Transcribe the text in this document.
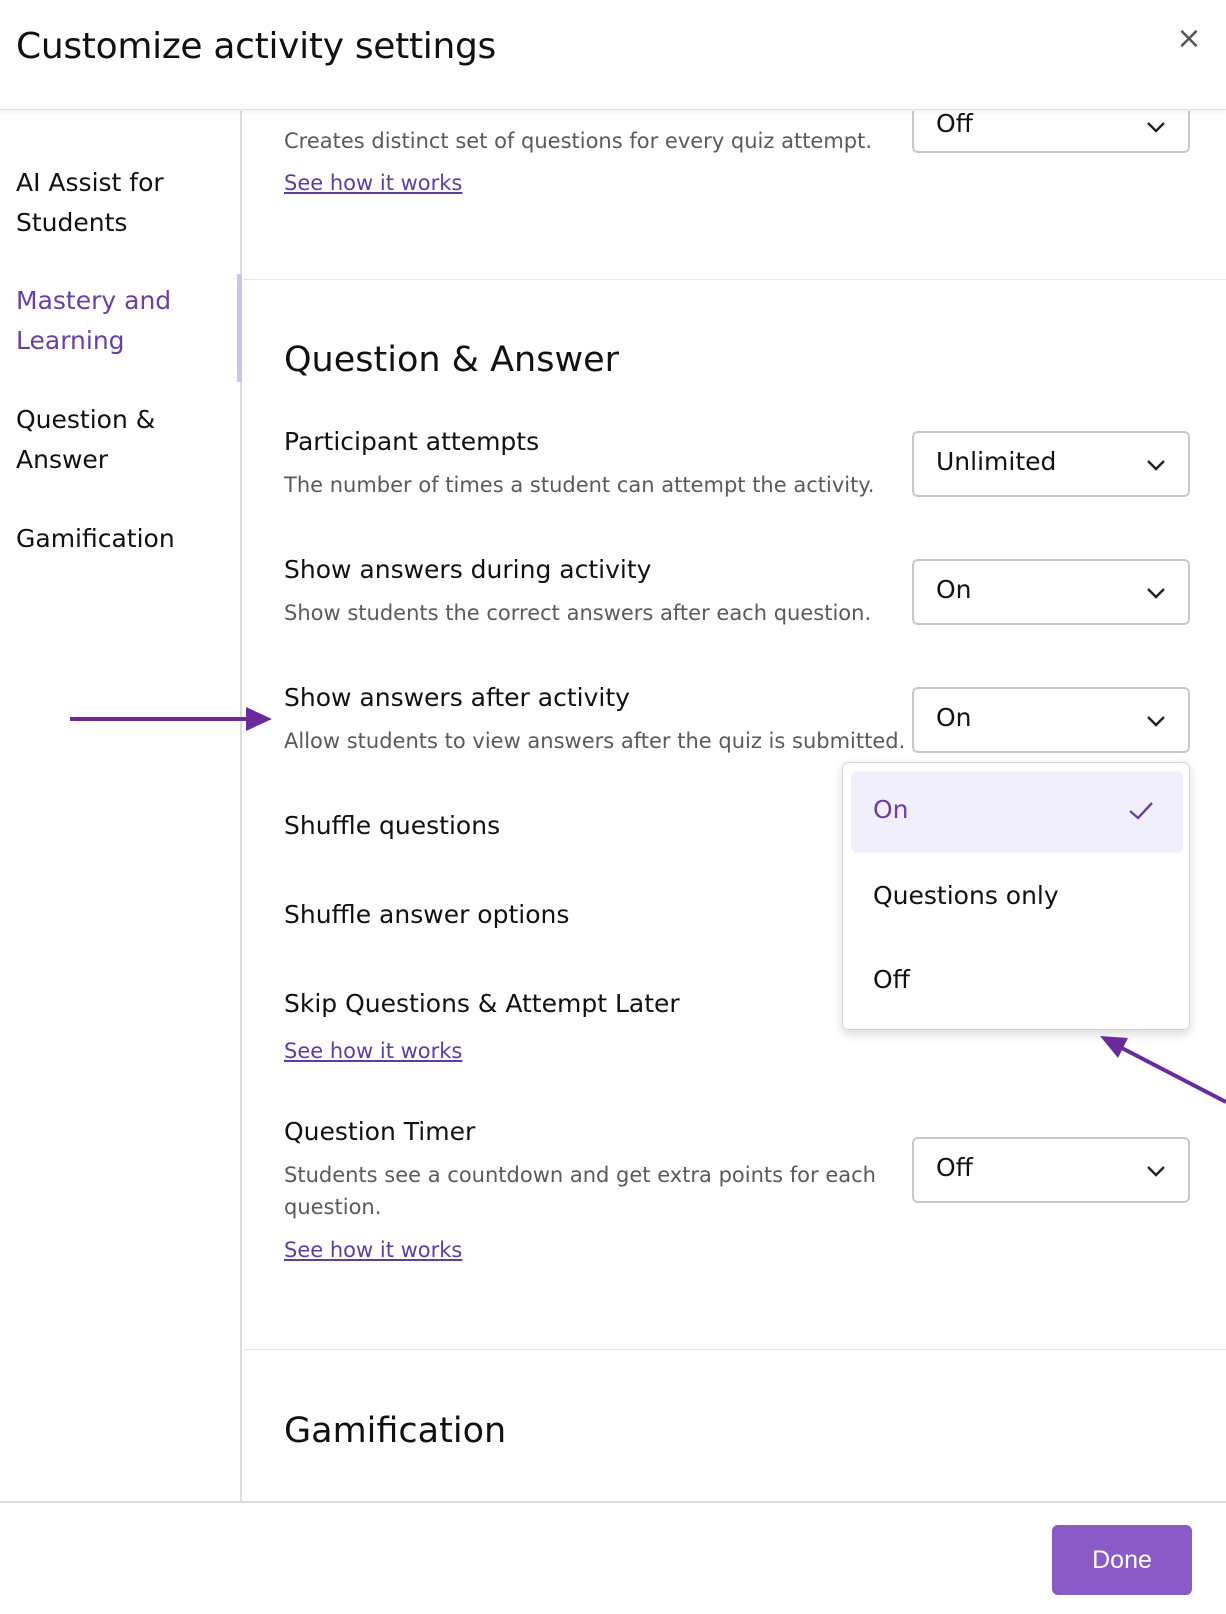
Customize activity settings	×
AI Assist for Students
Mastery and Learning
Question & Answer
Gamification
Creates distinct set of questions for every quiz attempt.
See how it works
Off
Question & Answer
Participant attempts
The number of times a student can attempt the activity.
Unlimited
Show answers during activity
Show students the correct answers after each question.
On
Show answers after activity
Allow students to view answers after the quiz is submitted.
On
Shuffle questions
Shuffle answer options
Skip Questions & Attempt Later
See how it works
Question Timer
Students see a countdown and get extra points for each
question.
See how it works
Off
Gamification
On
Questions only
Off
Done
